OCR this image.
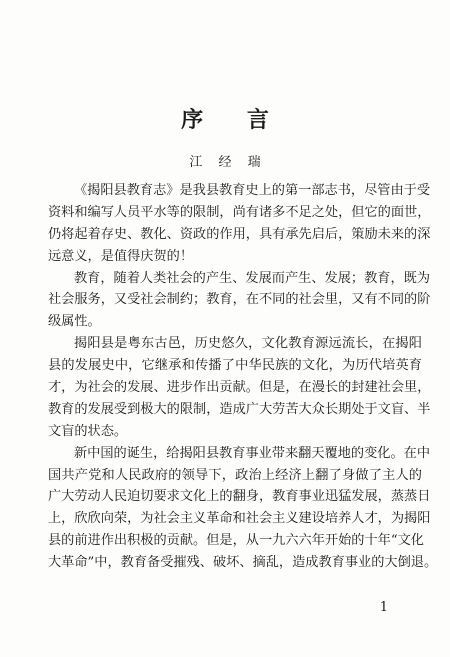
序 言
江 经 瑞
《揭阳县教育志》是我县教育史上的第一部志书，尽管由于受
资料和编写人员平水等的限制，尚有诸多不足之处，但它的面世，
仍将起着存史、教化、资政的作用，具有承先启后，策励未来的深
远意义，是值得庆贺的！
教育，随着人类社会的产生、发展而产生、发展；教育，既为
社会服务，又受社会制约；教育，在不同的社会里，又有不同的阶
级属性。
揭阳县是粤东古邑，历史悠久，文化教育源远流长，在揭阳
县的发展史中，它继承和传播了中华民族的文化，为历代培英育
才，为社会的发展、进步作出贡献。但是，在漫长的封建社会里，
教育的发展受到极大的限制，造成广大劳苦大众长期处于文盲、半
文盲的状态。
新中国的诞生，给揭阳县教育事业带来翻天覆地的变化。在中
国共产党和人民政府的领导下，政治上经济上翻了身做了主人的
广大劳动人民迫切要求文化上的翻身，教育事业迅猛发展，蒸蒸日
上，欣欣向荣，为社会主义革命和社会主义建设培养人才，为揭阳
县的前进作出积极的贡献。但是，从一九六六年开始的十年“文化
大革命”中，教育备受摧残、破坏、摘乱，造成教育事业的大倒退。
1
